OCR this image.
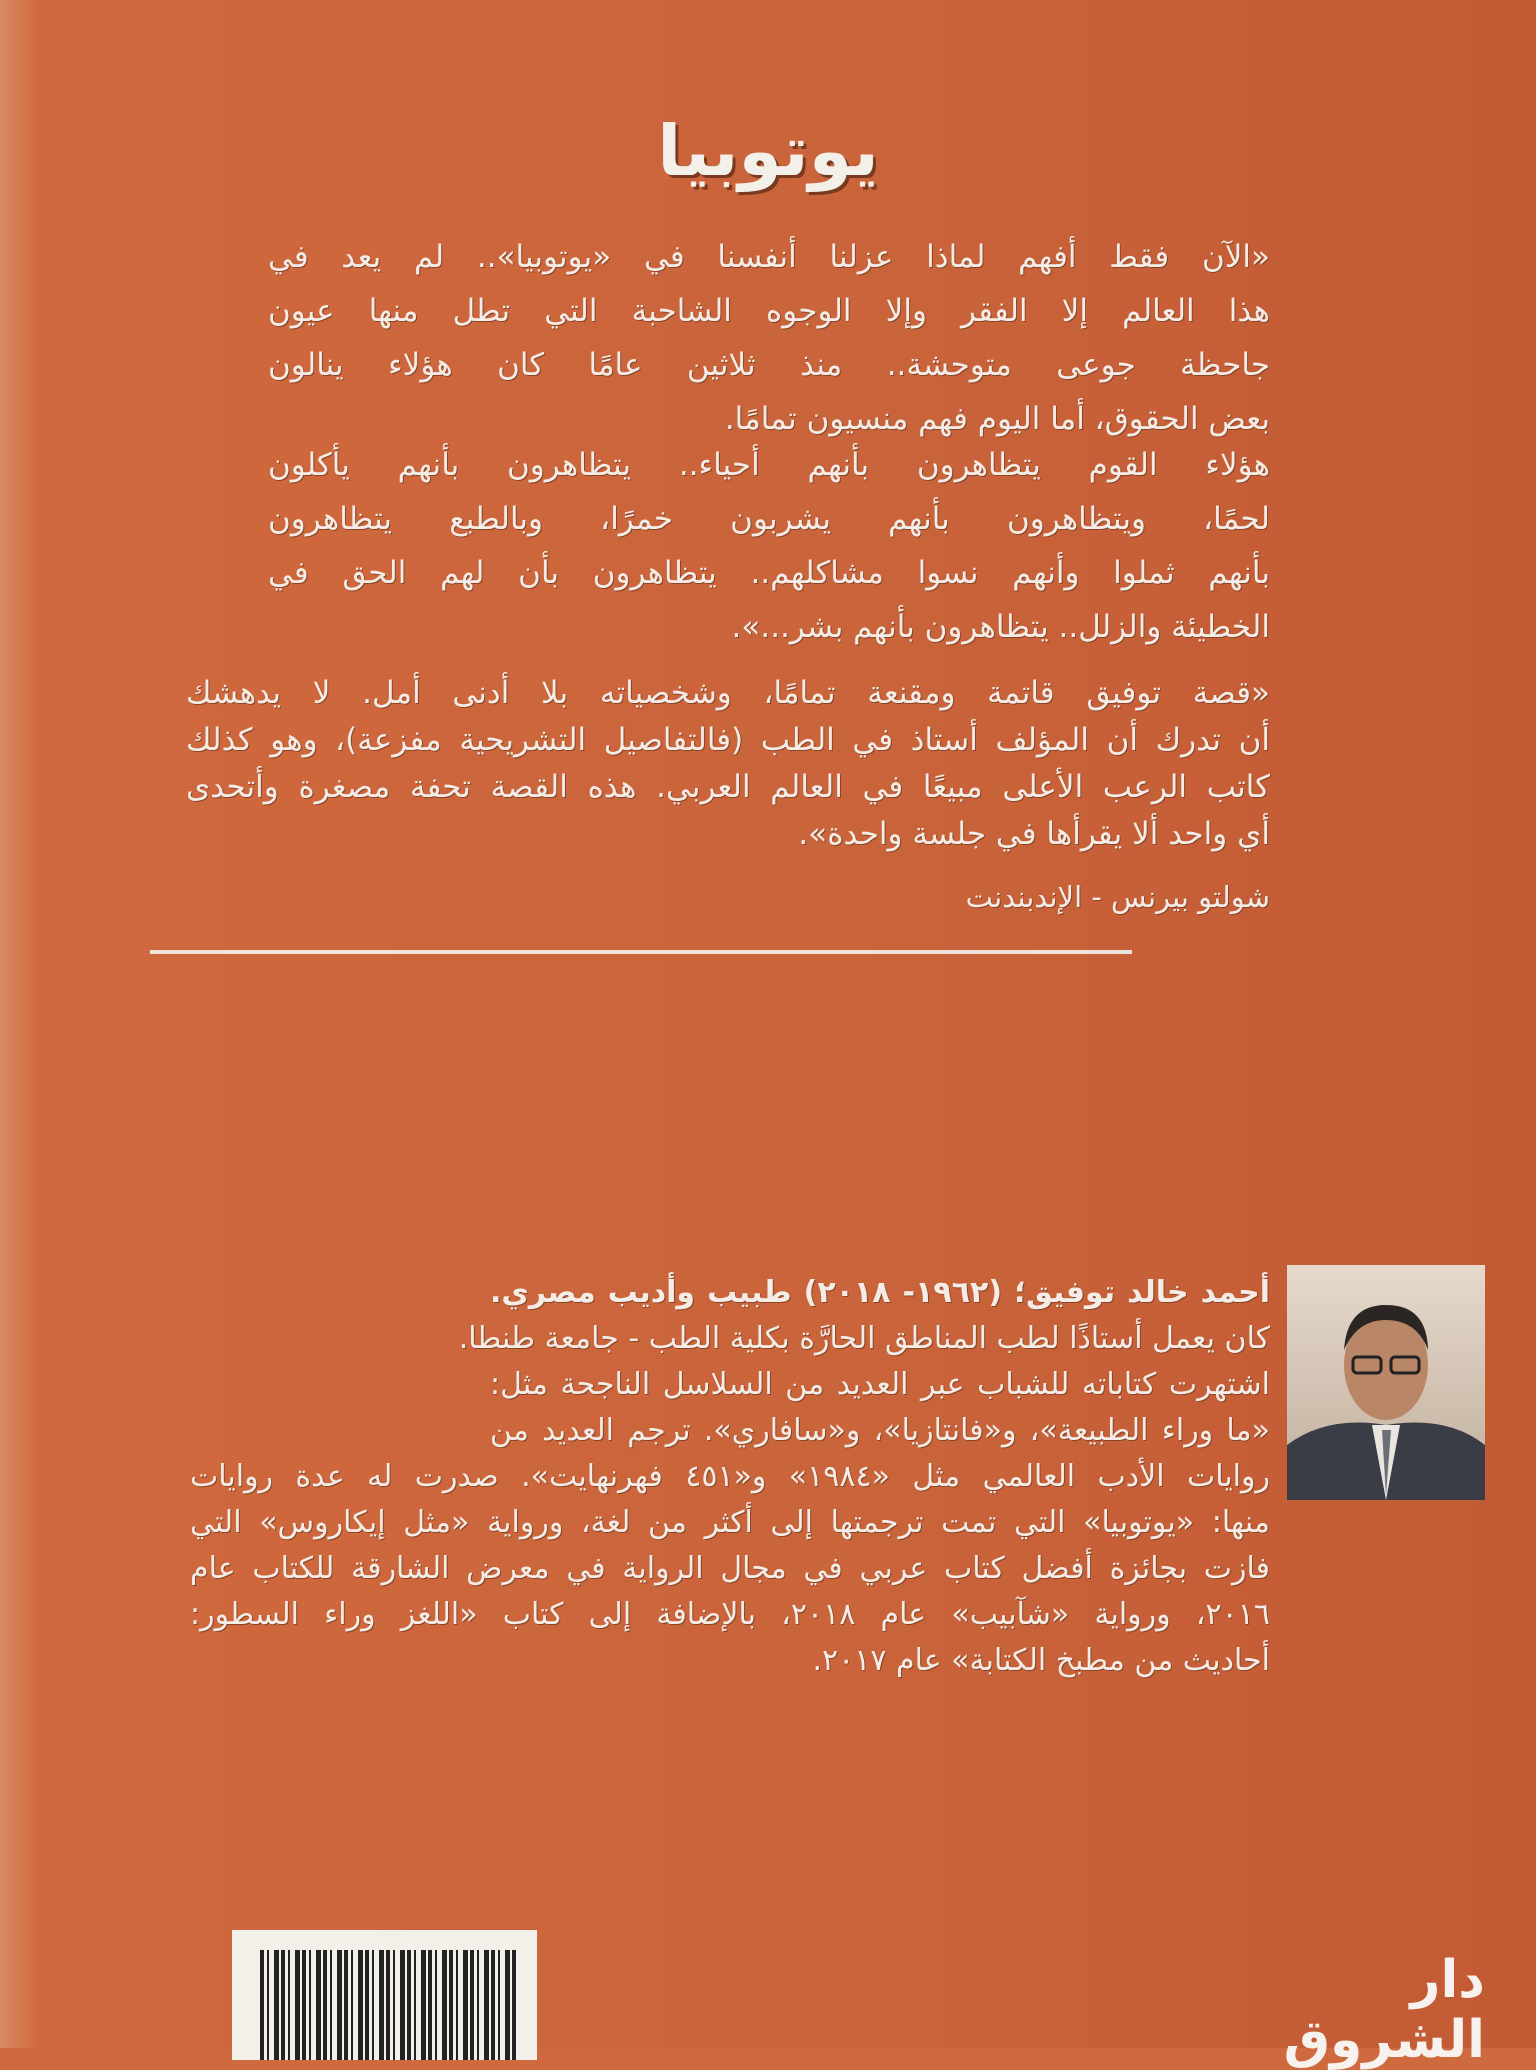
يوتوبيا
«الآن فقط أفهم لماذا عزلنا أنفسنا في «يوتوبيا».. لم يعد في
هذا العالم إلا الفقر وإلا الوجوه الشاحبة التي تطل منها عيون
جاحظة جوعى متوحشة.. منذ ثلاثين عامًا كان هؤلاء ينالون
بعض الحقوق، أما اليوم فهم منسيون تمامًا.
هؤلاء القوم يتظاهرون بأنهم أحياء.. يتظاهرون بأنهم يأكلون
لحمًا، ويتظاهرون بأنهم يشربون خمرًا، وبالطبع يتظاهرون
بأنهم ثملوا وأنهم نسوا مشاكلهم.. يتظاهرون بأن لهم الحق في
الخطيئة والزلل.. يتظاهرون بأنهم بشر...».
«قصة توفيق قاتمة ومقنعة تمامًا، وشخصياته بلا أدنى أمل. لا يدهشك
أن تدرك أن المؤلف أستاذ في الطب (فالتفاصيل التشريحية مفزعة)، وهو كذلك
كاتب الرعب الأعلى مبيعًا في العالم العربي. هذه القصة تحفة مصغرة وأتحدى
أي واحد ألا يقرأها في جلسة واحدة».
شولتو بيرنس - الإندبندنت
أحمد خالد توفيق؛ (١٩٦٢- ٢٠١٨) طبيب وأديب مصري.
كان يعمل أستاذًا لطب المناطق الحارَّة بكلية الطب - جامعة طنطا.
اشتهرت كتاباته للشباب عبر العديد من السلاسل الناجحة مثل:
«ما وراء الطبيعة»، و«فانتازيا»، و«سافاري». ترجم العديد من
روايات الأدب العالمي مثل «١٩٨٤» و«٤٥١ فهرنهايت». صدرت له عدة روايات
منها: «يوتوبيا» التي تمت ترجمتها إلى أكثر من لغة، ورواية «مثل إيكاروس» التي
فازت بجائزة أفضل كتاب عربي في مجال الرواية في معرض الشارقة للكتاب عام
٢٠١٦، ورواية «شآبيب» عام ٢٠١٨، بالإضافة إلى كتاب «اللغز وراء السطور:
أحاديث من مطبخ الكتابة» عام ٢٠١٧.
دار الشروق
